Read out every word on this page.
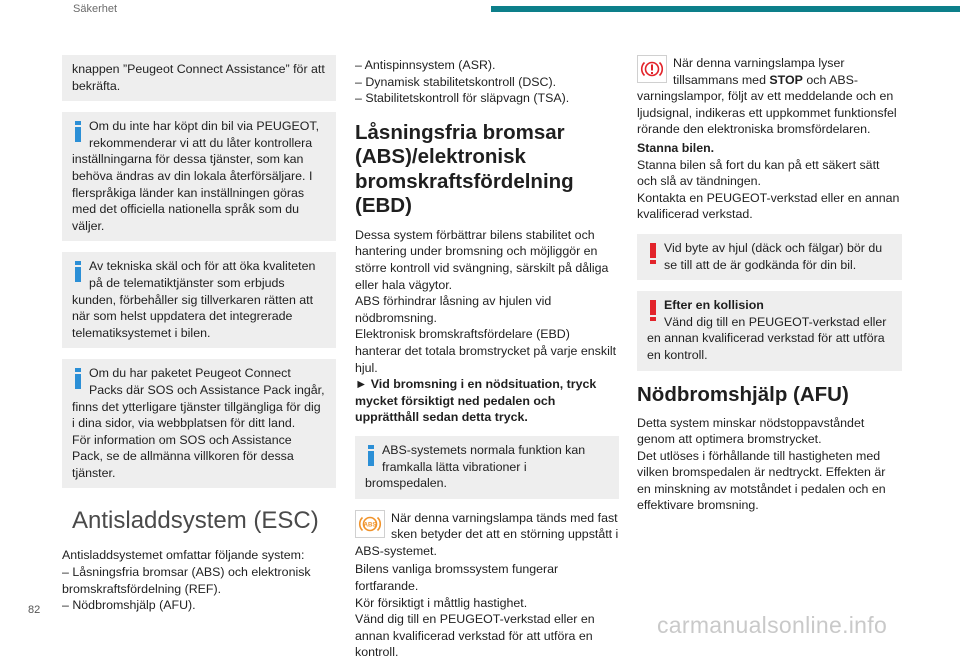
Säkerhet

knappen ”Peugeot Connect Assistance” för att bekräfta.

Om du inte har köpt din bil via PEUGEOT, rekommenderar vi att du låter kontrollera inställningarna för dessa tjänster, som kan behöva ändras av din lokala återförsäljare. I flerspråkiga länder kan inställningen göras med det officiella nationella språk som du väljer.

Av tekniska skäl och för att öka kvaliteten på de telematiktjänster som erbjuds kunden, förbehåller sig tillverkaren rätten att när som helst uppdatera det integrerade telematiksystemet i bilen.

Om du har paketet Peugeot Connect Packs där SOS och Assistance Pack ingår, finns det ytterligare tjänster tillgängliga för dig i dina sidor, via webbplatsen för ditt land.

För information om SOS och Assistance Pack, se de allmänna villkoren för dessa tjänster.

Antisladdsystem (ESC)

Antisladdsystemet omfattar följande system:

– Låsningsfria bromsar (ABS) och elektronisk bromskraftsfördelning (REF).

– Nödbromshjälp (AFU).

– Antispinnsystem (ASR).

– Dynamisk stabilitetskontroll (DSC).

– Stabilitetskontroll för släpvagn (TSA).

Låsningsfria bromsar (ABS)/elektronisk bromskraftsfördelning (EBD)

Dessa system förbättrar bilens stabilitet och hantering under bromsning och möjliggör en större kontroll vid svängning, särskilt på dåliga eller hala vägytor.

ABS förhindrar låsning av hjulen vid nödbromsning.

Elektronisk bromskraftsfördelare (EBD) hanterar det totala bromstrycket på varje enskilt hjul.

► Vid bromsning i en nödsituation, tryck mycket försiktigt ned pedalen och upprätthåll sedan detta tryck.

ABS-systemets normala funktion kan framkalla lätta vibrationer i bromspedalen.

ABS

När denna varningslampa tänds med fast sken betyder det att en störning uppstått i ABS-systemet.

Bilens vanliga bromssystem fungerar fortfarande.

Kör försiktigt i måttlig hastighet.

Vänd dig till en PEUGEOT-verkstad eller en annan kvalificerad verkstad för att utföra en kontroll.

När denna varningslampa lyser tillsammans med STOP och ABS-varningslampor, följt av ett meddelande och en ljudsignal, indikeras ett uppkommet funktionsfel rörande den elektroniska bromsfördelaren.

Stanna bilen.

Stanna bilen så fort du kan på ett säkert sätt och slå av tändningen.

Kontakta en PEUGEOT-verkstad eller en annan kvalificerad verkstad.

Vid byte av hjul (däck och fälgar) bör du se till att de är godkända för din bil.

Efter en kollision

Vänd dig till en PEUGEOT-verkstad eller en annan kvalificerad verkstad för att utföra en kontroll.

Nödbromshjälp (AFU)

Detta system minskar nödstoppavståndet genom att optimera bromstrycket.

Det utlöses i förhållande till hastigheten med vilken bromspedalen är nedtryckt. Effekten är en minskning av motståndet i pedalen och en effektivare bromsning.

82
carmanualsonline.info
